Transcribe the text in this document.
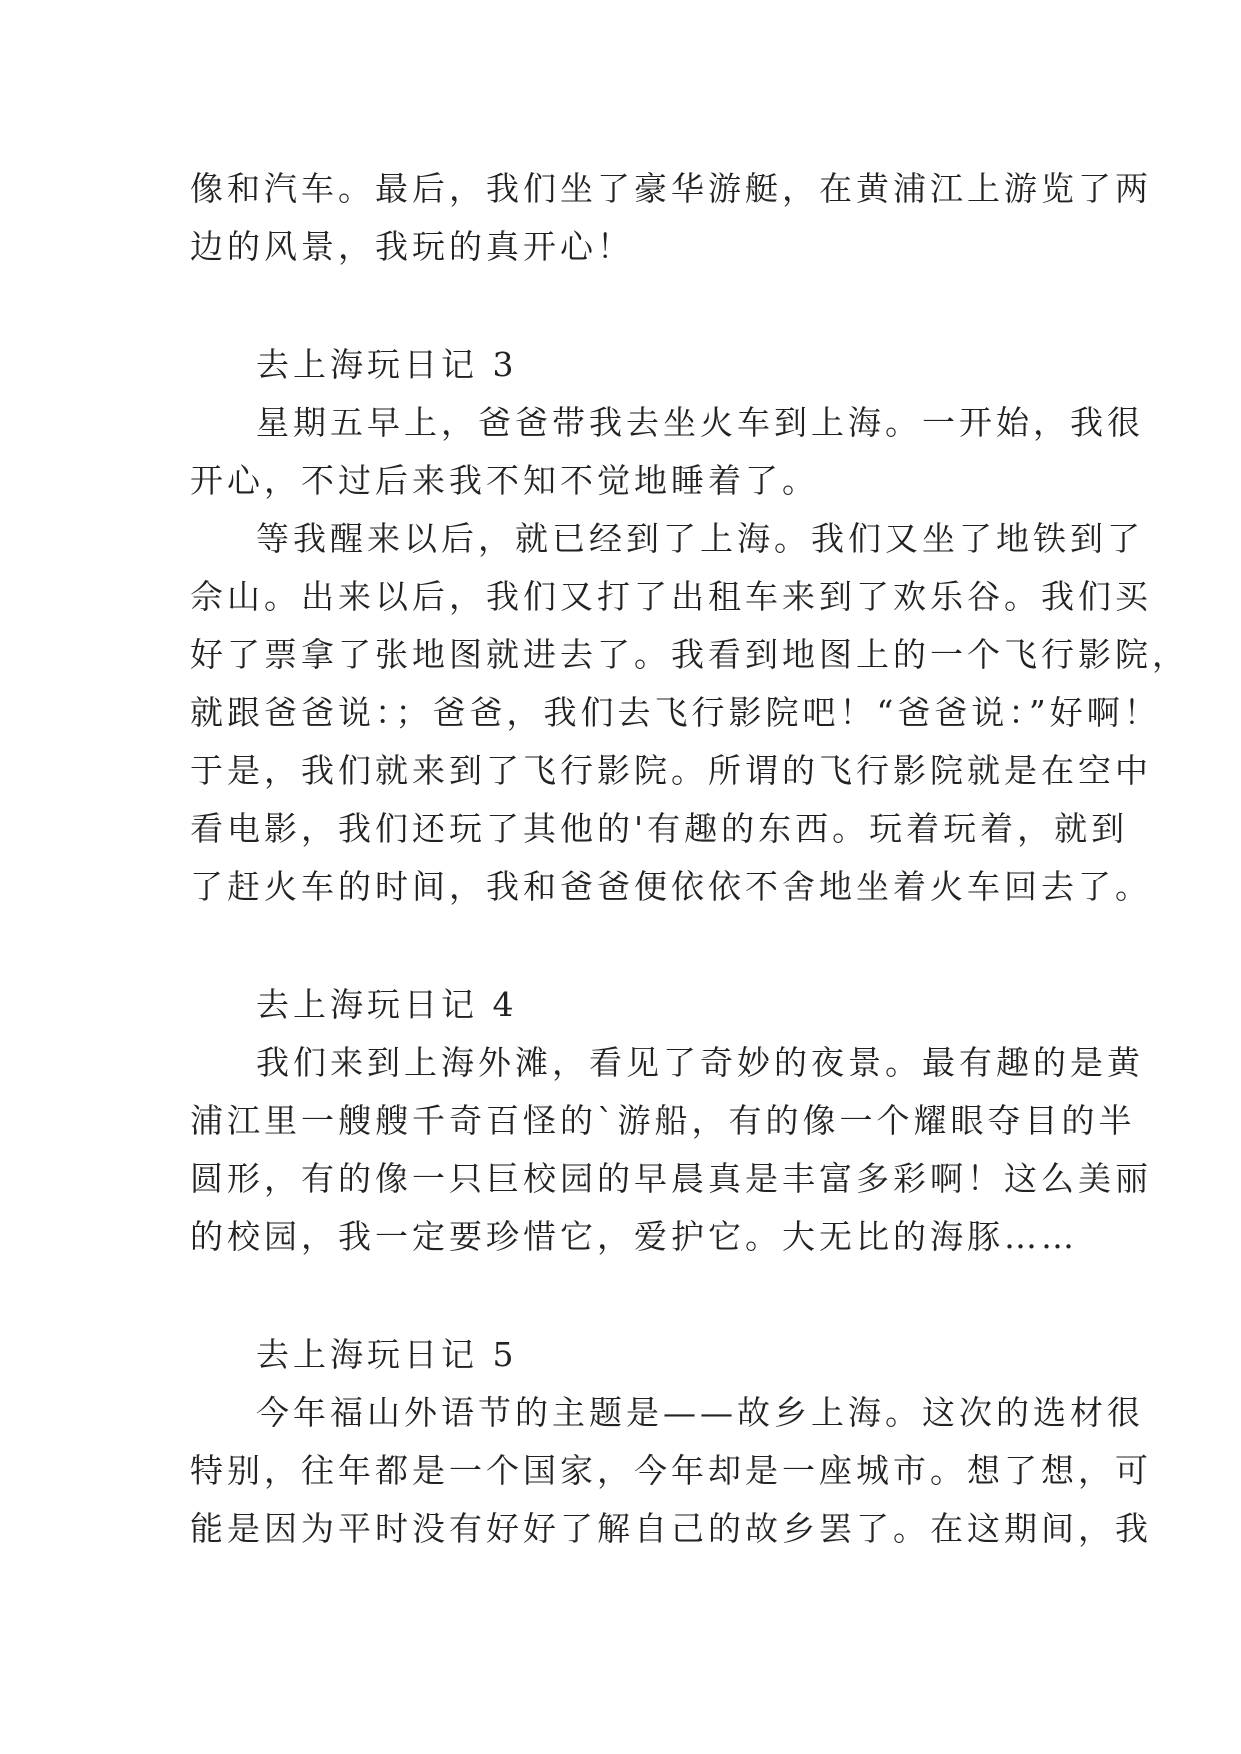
像和汽车。最后，我们坐了豪华游艇，在黄浦江上游览了两
边的风景，我玩的真开心！
去上海玩日记 3
星期五早上，爸爸带我去坐火车到上海。一开始，我很
开心，不过后来我不知不觉地睡着了。
等我醒来以后，就已经到了上海。我们又坐了地铁到了
佘山。出来以后，我们又打了出租车来到了欢乐谷。我们买
好了票拿了张地图就进去了。我看到地图上的一个飞行影院，
就跟爸爸说：；爸爸，我们去飞行影院吧！“爸爸说：”好啊！
于是，我们就来到了飞行影院。所谓的飞行影院就是在空中
看电影，我们还玩了其他的'有趣的东西。玩着玩着，就到
了赶火车的时间，我和爸爸便依依不舍地坐着火车回去了。
去上海玩日记 4
我们来到上海外滩，看见了奇妙的夜景。最有趣的是黄
浦江里一艘艘千奇百怪的`游船，有的像一个耀眼夺目的半
圆形，有的像一只巨校园的早晨真是丰富多彩啊！这么美丽
的校园，我一定要珍惜它，爱护它。大无比的海豚……
去上海玩日记 5
今年福山外语节的主题是——故乡上海。这次的选材很
特别，往年都是一个国家，今年却是一座城市。想了想，可
能是因为平时没有好好了解自己的故乡罢了。在这期间，我
